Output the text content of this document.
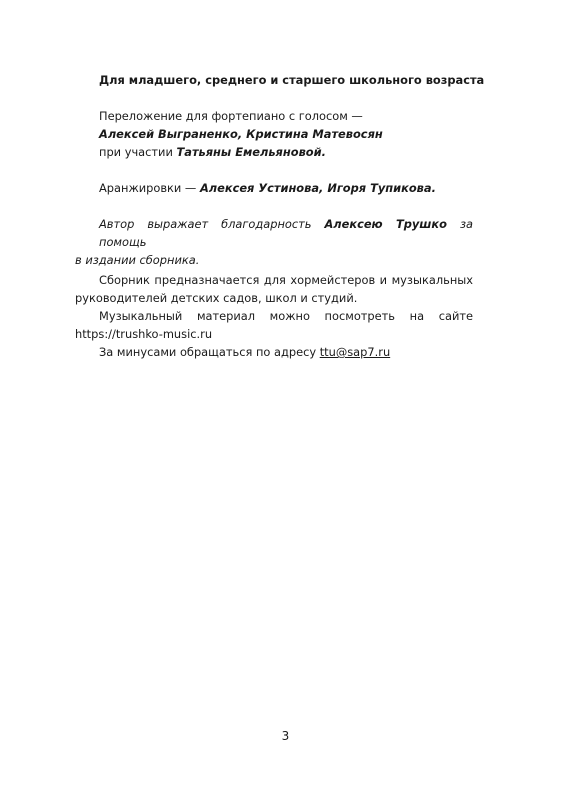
Для младшего, среднего и старшего школьного возраста
Переложение для фортепиано с голосом —
Алексей Выграненко, Кристина Матевосян
при участии Татьяны Емельяновой.
Аранжировки — Алексея Устинова, Игоря Тупикова.
Автор выражает благодарность Алексею Трушко за помощь
в издании сборника.
Сборник предназначается для хормейстеров и музыкальных
руководителей детских садов, школ и студий.
Музыкальный материал можно посмотреть на сайте
https://trushko-music.ru
За минусами обращаться по адресу ttu@sap7.ru
3
